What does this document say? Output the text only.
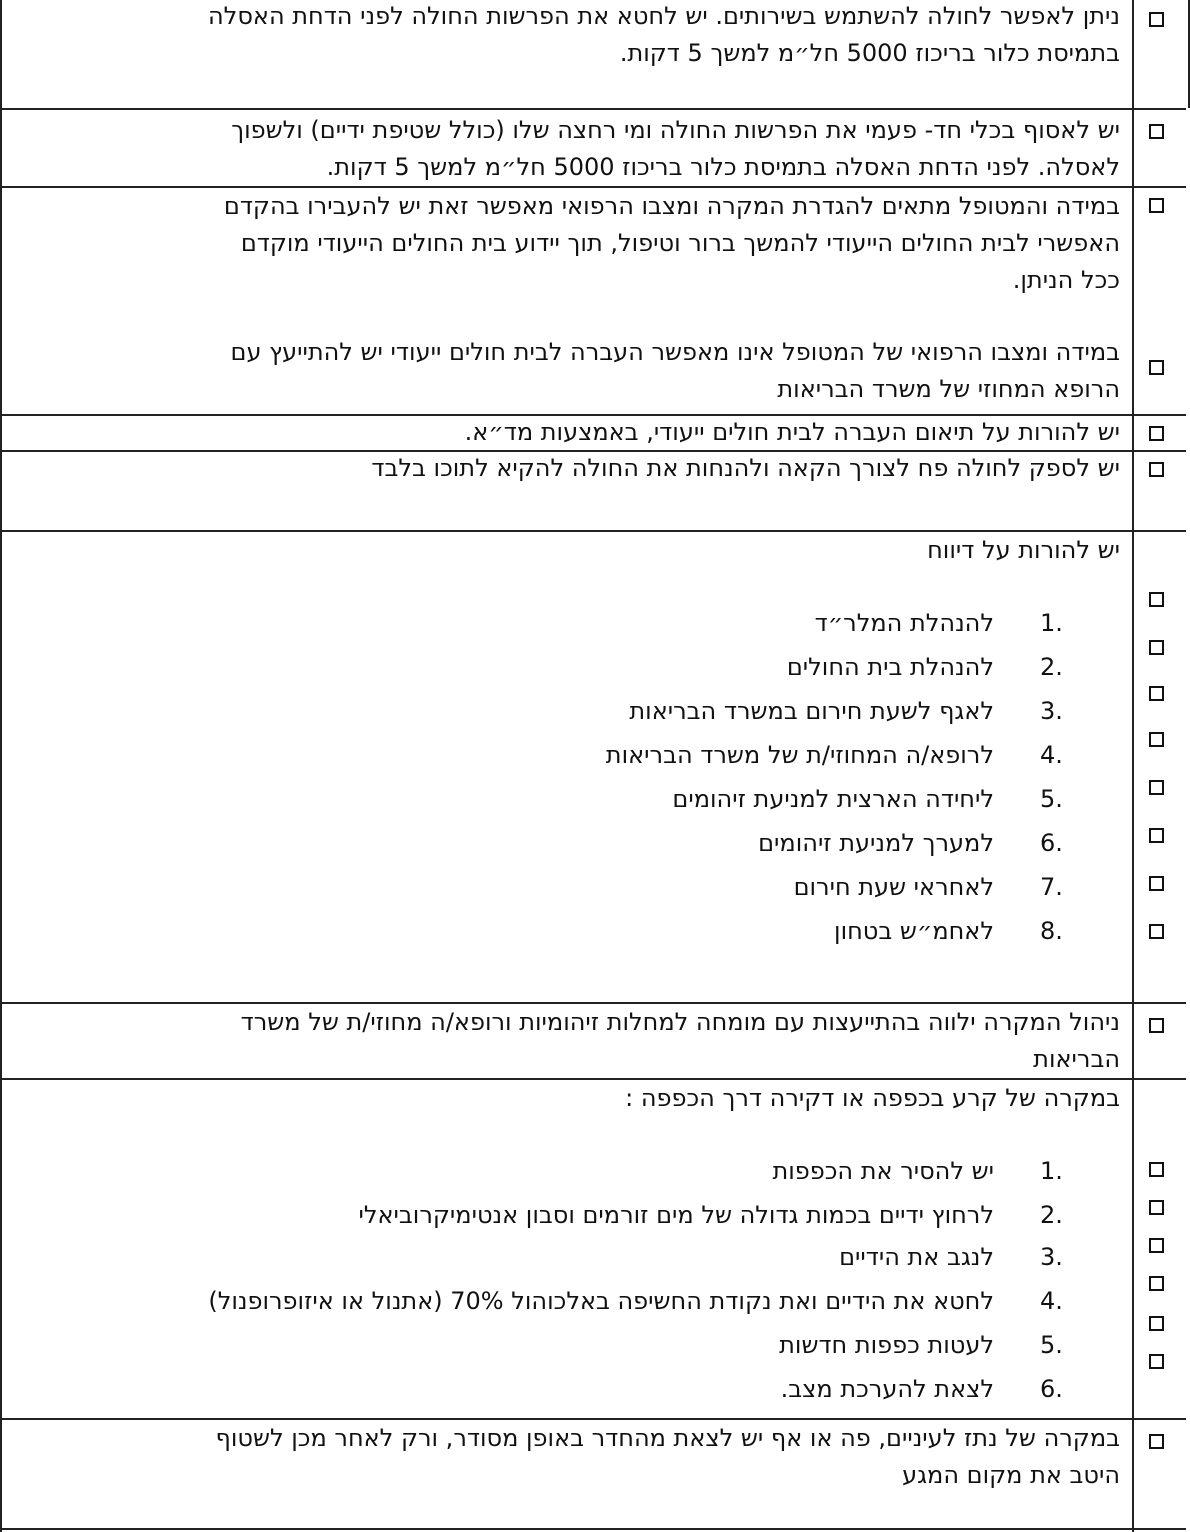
ניתן לאפשר לחולה להשתמש בשירותים. יש לחטא את הפרשות החולה לפני הדחת האסלה
בתמיסת כלור בריכוז 5000 חל״מ למשך 5 דקות.
יש לאסוף בכלי חד- פעמי את הפרשות החולה ומי רחצה שלו (כולל שטיפת ידיים) ולשפוך
לאסלה. לפני הדחת האסלה בתמיסת כלור בריכוז 5000 חל״מ למשך 5 דקות.
במידה והמטופל מתאים להגדרת המקרה ומצבו הרפואי מאפשר זאת יש להעבירו בהקדם
האפשרי לבית החולים הייעודי להמשך ברור וטיפול, תוך יידוע בית החולים הייעודי מוקדם
ככל הניתן.
במידה ומצבו הרפואי של המטופל אינו מאפשר העברה לבית חולים ייעודי יש להתייעץ עם
הרופא המחוזי של משרד הבריאות
יש להורות על תיאום העברה לבית חולים ייעודי, באמצעות מד״א.
יש לספק לחולה פח לצורך הקאה ולהנחות את החולה להקיא לתוכו בלבד
יש להורות על דיווח
להנהלת המלר״ד
להנהלת בית החולים
לאגף לשעת חירום במשרד הבריאות
לרופא/ה המחוזי/ת של משרד הבריאות
ליחידה הארצית למניעת זיהומים
למערך למניעת זיהומים
לאחראי שעת חירום
לאחמ״ש בטחון
1.
2.
3.
4.
5.
6.
7.
8.
ניהול המקרה ילווה בהתייעצות עם מומחה למחלות זיהומיות ורופא/ה מחוזי/ת של משרד
הבריאות
במקרה של קרע בכפפה או דקירה דרך הכפפה :
יש להסיר את הכפפות
לרחוץ ידיים בכמות גדולה של מים זורמים וסבון אנטימיקרוביאלי
לנגב את הידיים
לחטא את הידיים ואת נקודת החשיפה באלכוהול 70% (אתנול או איזופרופנול)
לעטות כפפות חדשות
לצאת להערכת מצב.
1.
2.
3.
4.
5.
6.
במקרה של נתז לעיניים, פה או אף יש לצאת מהחדר באופן מסודר, ורק לאחר מכן לשטוף
היטב את מקום המגע
